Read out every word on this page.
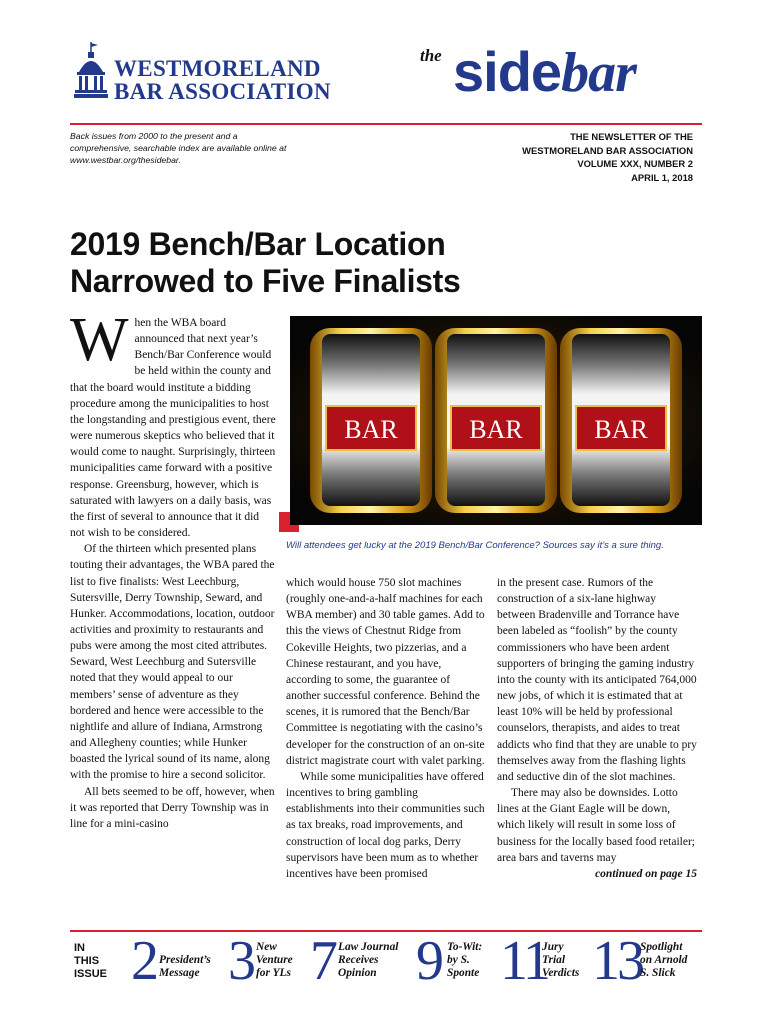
WESTMORELAND
BAR ASSOCIATION
the sidebar
Back issues from 2000 to the present and a comprehensive, searchable index are available online at www.westbar.org/thesidebar.
THE NEWSLETTER OF THE
WESTMORELAND BAR ASSOCIATION
VOLUME XXX, NUMBER 2
APRIL 1, 2018
2019 Bench/Bar Location
Narrowed to Five Finalists

When the WBA board announced that next year’s Bench/Bar Conference would be held within the county and that the board would institute a bidding procedure among the municipalities to host the longstanding and prestigious event, there were numerous skeptics who believed that it would come to naught. Surprisingly, thirteen municipalities came forward with a positive response. Greensburg, however, which is saturated with lawyers on a daily basis, was the first of several to announce that it did not wish to be considered.

Of the thirteen which presented plans touting their advantages, the WBA pared the list to five finalists: West Leechburg, Sutersville, Derry Township, Seward, and Hunker. Accommodations, location, outdoor activities and proximity to restaurants and pubs were among the most cited attributes. Seward, West Leechburg and Sutersville noted that they would appeal to our members’ sense of adventure as they bordered and hence were accessible to the nightlife and allure of Indiana, Armstrong and Allegheny counties; while Hunker boasted the lyrical sound of its name, along with the promise to hire a second solicitor.

All bets seemed to be off, however, when it was reported that Derry Township was in line for a mini-casino

BAR	BAR	BAR
Will attendees get lucky at the 2019 Bench/Bar Conference? Sources say it’s a sure thing.

which would house 750 slot machines (roughly one-and-a-half machines for each WBA member) and 30 table games. Add to this the views of Chestnut Ridge from Cokeville Heights, two pizzerias, and a Chinese restaurant, and you have, according to some, the guarantee of another successful conference. Behind the scenes, it is rumored that the Bench/Bar Committee is negotiating with the casino’s developer for the construction of an on-site district magistrate court with valet parking.

While some municipalities have offered incentives to bring gambling establishments into their communities such as tax breaks, road improvements, and construction of local dog parks, Derry supervisors have been mum as to whether incentives have been promised

in the present case. Rumors of the construction of a six-lane highway between Bradenville and Torrance have been labeled as “foolish” by the county commissioners who have been ardent supporters of bringing the gaming industry into the county with its anticipated 764,000 new jobs, of which it is estimated that at least 10% will be held by professional counselors, therapists, and aides to treat addicts who find that they are unable to pry themselves away from the flashing lights and seductive din of the slot machines.

There may also be downsides. Lotto lines at the Giant Eagle will be down, which likely will result in some loss of business for the locally based food retailer; area bars and taverns may

continued on page 15

IN
THIS
ISSUE 2 President’s
Message 3 New
Venture
for YLs 7 Law Journal
Receives
Opinion 9 To-Wit:
by S.
Sponte 11
Jury
Trial
Verdicts 13
Spotlight
on Arnold
S. Slick
